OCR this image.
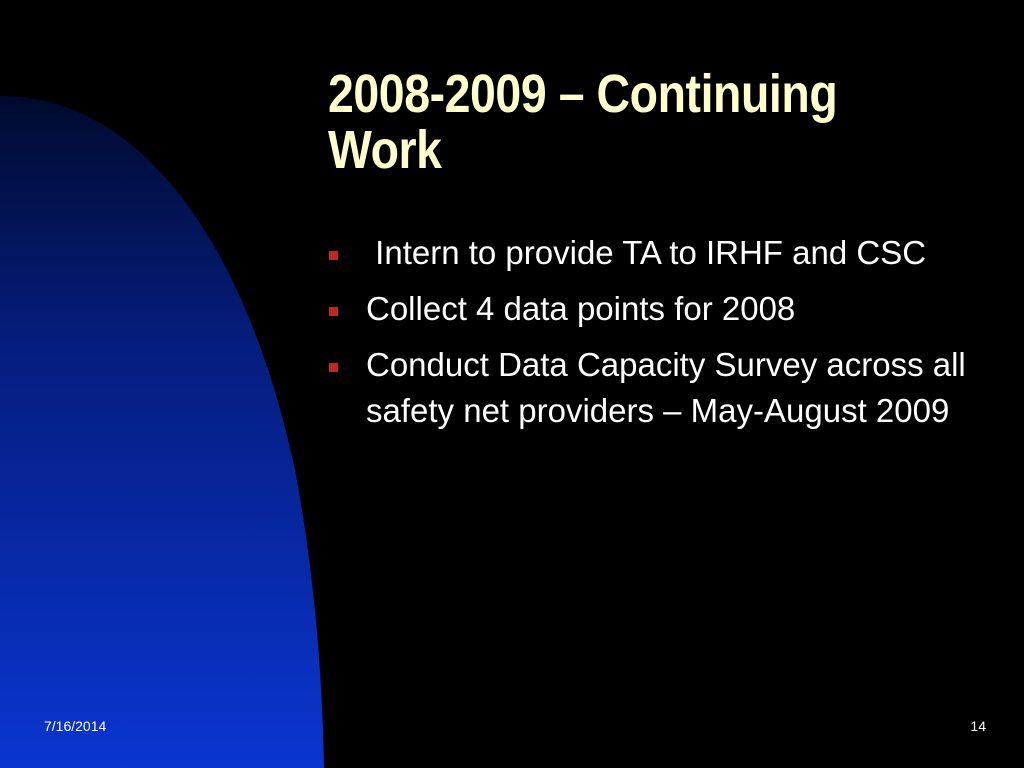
2008-2009 – Continuing Work
Intern to provide TA to IRHF and CSC
Collect 4 data points for 2008
Conduct Data Capacity Survey across all safety net providers – May-August 2009
7/16/2014	14
